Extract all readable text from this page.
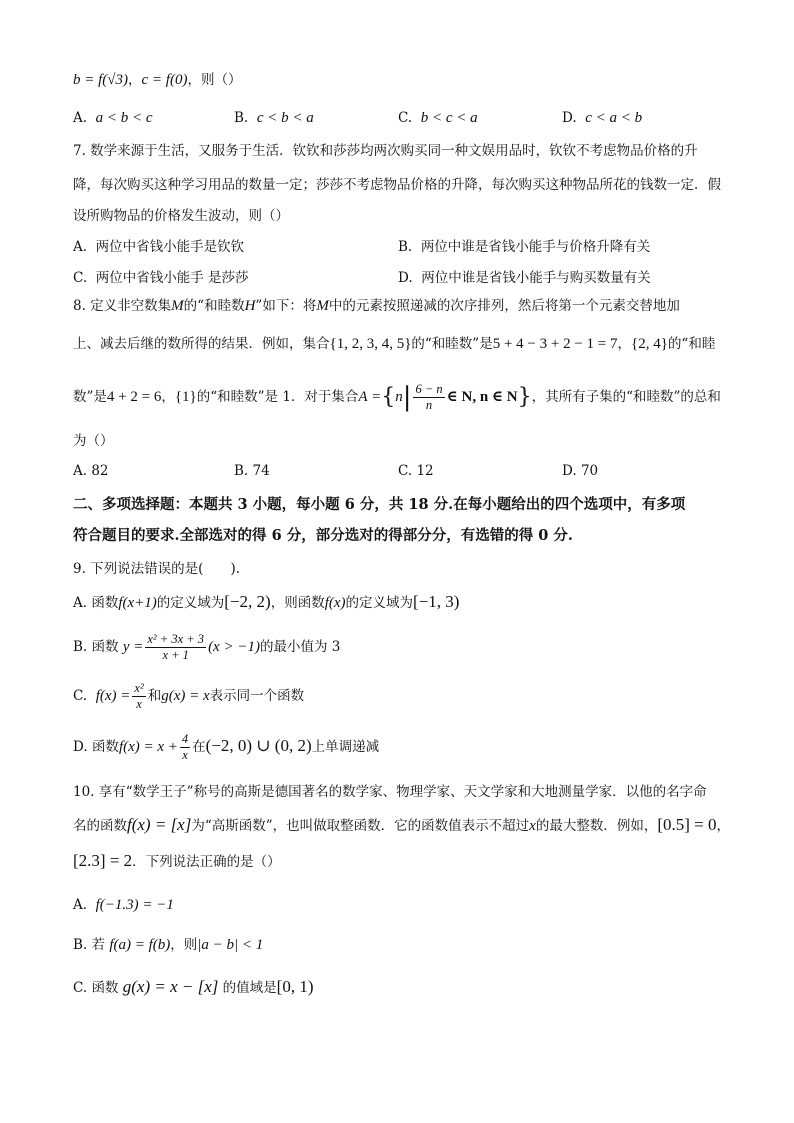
b = f(√3)，c = f(0)，则（）
A. a < b < c	B. c < b < a	C. b < c < a	D. c < a < b
7. 数学来源于生活，又服务于生活．钦钦和莎莎均两次购买同一种文娱用品时，钦钦不考虑物品价格的升
降，每次购买这种学习用品的数量一定；莎莎不考虑物品价格的升降，每次购买这种物品所花的钱数一定．假
设所购物品的价格发生波动，则（）
A. 两位中省钱小能手是钦钦	B. 两位中谁是省钱小能手与价格升降有关
C. 两位中省钱小能手 是莎莎	D. 两位中谁是省钱小能手与购买数量有关
8. 定义非空数集M的“和睦数H”如下：将M中的元素按照递减的次序排列，然后将第一个元素交替地加
上、减去后继的数所得的结果．例如，集合{1, 2, 3, 4, 5}的“和睦数”是5 + 4 − 3 + 2 − 1 = 7，{2, 4}的“和睦
数”是4 + 2 = 6，{1}的“和睦数”是 1．对于集合$A =\{n| \frac{6 - n}{n}$ ∈ N, n ∈ N}，其所有子集的“和睦数”的总和
为（）
A. 82	B. 74	C. 12	D. 70
二、多项选择题：本题共 3 小题，每小题 6 分，共 18 分.在每小题给出的四个选项中，有多项
符合题目的要求.全部选对的得 6 分，部分选对的得部分分，有选错的得 0 分.
9. 下列说法错误的是(　　).
A. 函数f(x+1)的定义域为[−2, 2)，则函数f(x)的定义域为[−1, 3)
B. 函数 $y = \frac{\text{x² + 3x + 3}}{x + 1} (x > -1)$的最小值为 3
C. $f(x) = \frac{\text{x²}}{x}$ 和g(x) = x表示同一个函数
D. 函数$f(x) = x + \frac{4}{x}$ 在(−2, 0) ∪ (0, 2)上单调递减
10. 享有“数学王子”称号的高斯是德国著名的数学家、物理学家、天文学家和大地测量学家．以他的名字命
名的函数f(x) = [x]为“高斯函数”，也叫做取整函数．它的函数值表示不超过x的最大整数．例如，[0.5] = 0，
[2.3] = 2．下列说法正确的是（）
A. f(−1.3) = −1
B. 若 f(a) = f(b)，则|a − b| < 1
C. 函数 g(x) = x − [x] 的值域是[0, 1)
